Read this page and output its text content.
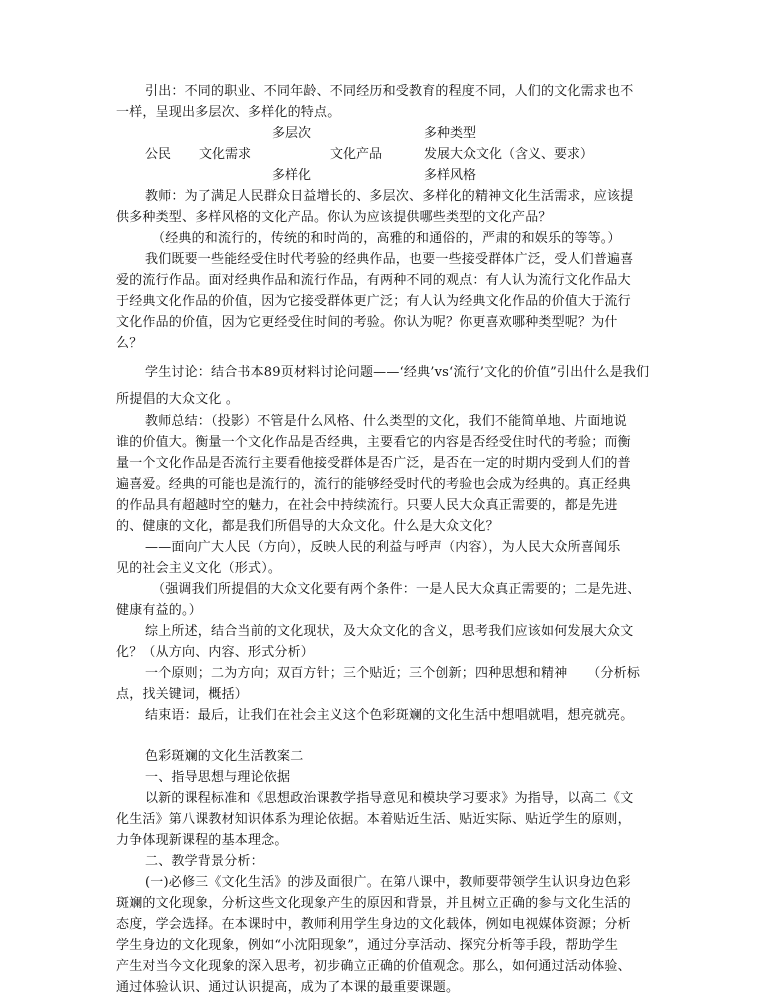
引出：不同的职业、不同年龄、不同经历和受教育的程度不同，人们的文化需求也不
一样，呈现出多层次、多样化的特点。
多层次	多种类型
公民 文化需求	文化产品	发展大众文化（含义、要求）
多样化	多样风格
教师：为了满足人民群众日益增长的、多层次、多样化的精神文化生活需求，应该提
供多种类型、多样风格的文化产品。你认为应该提供哪些类型的文化产品？
（经典的和流行的，传统的和时尚的，高雅的和通俗的，严肃的和娱乐的等等。）
我们既要一些能经受住时代考验的经典作品，也要一些接受群体广泛，受人们普遍喜
爱的流行作品。面对经典作品和流行作品，有两种不同的观点：有人认为流行文化作品大
于经典文化作品的价值，因为它接受群体更广泛；有人认为经典文化作品的价值大于流行
文化作品的价值，因为它更经受住时间的考验。你认为呢？你更喜欢哪种类型呢？为什
么？
学生讨论：结合书本89页材料讨论问题——‘经典’vs‘流行’文化的价值”引出什么是我们
所提倡的大众文化 。
教师总结：（投影）不管是什么风格、什么类型的文化，我们不能简单地、片面地说
谁的价值大。衡量一个文化作品是否经典，主要看它的内容是否经受住时代的考验；而衡
量一个文化作品是否流行主要看他接受群体是否广泛，是否在一定的时期内受到人们的普
遍喜爱。经典的可能也是流行的，流行的能够经受时代的考验也会成为经典的。真正经典
的作品具有超越时空的魅力，在社会中持续流行。只要人民大众真正需要的，都是先进
的、健康的文化，都是我们所倡导的大众文化。什么是大众文化？
——面向广大人民（方向），反映人民的利益与呼声（内容），为人民大众所喜闻乐
见的社会主义文化（形式）。
（强调我们所提倡的大众文化要有两个条件：一是人民大众真正需要的；二是先进、
健康有益的。）
综上所述，结合当前的文化现状，及大众文化的含义，思考我们应该如何发展大众文
化？（从方向、内容、形式分析）
一个原则；二为方向；双百方针；三个贴近；三个创新；四种思想和精神　　（分析标
点，找关键词，概括）
结束语：最后，让我们在社会主义这个色彩斑斓的文化生活中想唱就唱，想亮就亮。
色彩斑斓的文化生活教案二
一、指导思想与理论依据
以新的课程标准和《思想政治课教学指导意见和模块学习要求》为指导，以高二《文
化生活》第八课教材知识体系为理论依据。本着贴近生活、贴近实际、贴近学生的原则，
力争体现新课程的基本理念。
二、教学背景分析：
(一)必修三《文化生活》的涉及面很广。在第八课中，教师要带领学生认识身边色彩
斑斓的文化现象，分析这些文化现象产生的原因和背景，并且树立正确的参与文化生活的
态度，学会选择。在本课时中，教师利用学生身边的文化载体，例如电视媒体资源；分析
学生身边的文化现象，例如“小沈阳现象”，通过分享活动、探究分析等手段，帮助学生
产生对当今文化现象的深入思考，初步确立正确的价值观念。那么，如何通过活动体验、
通过体验认识、通过认识提高，成为了本课的最重要课题。
